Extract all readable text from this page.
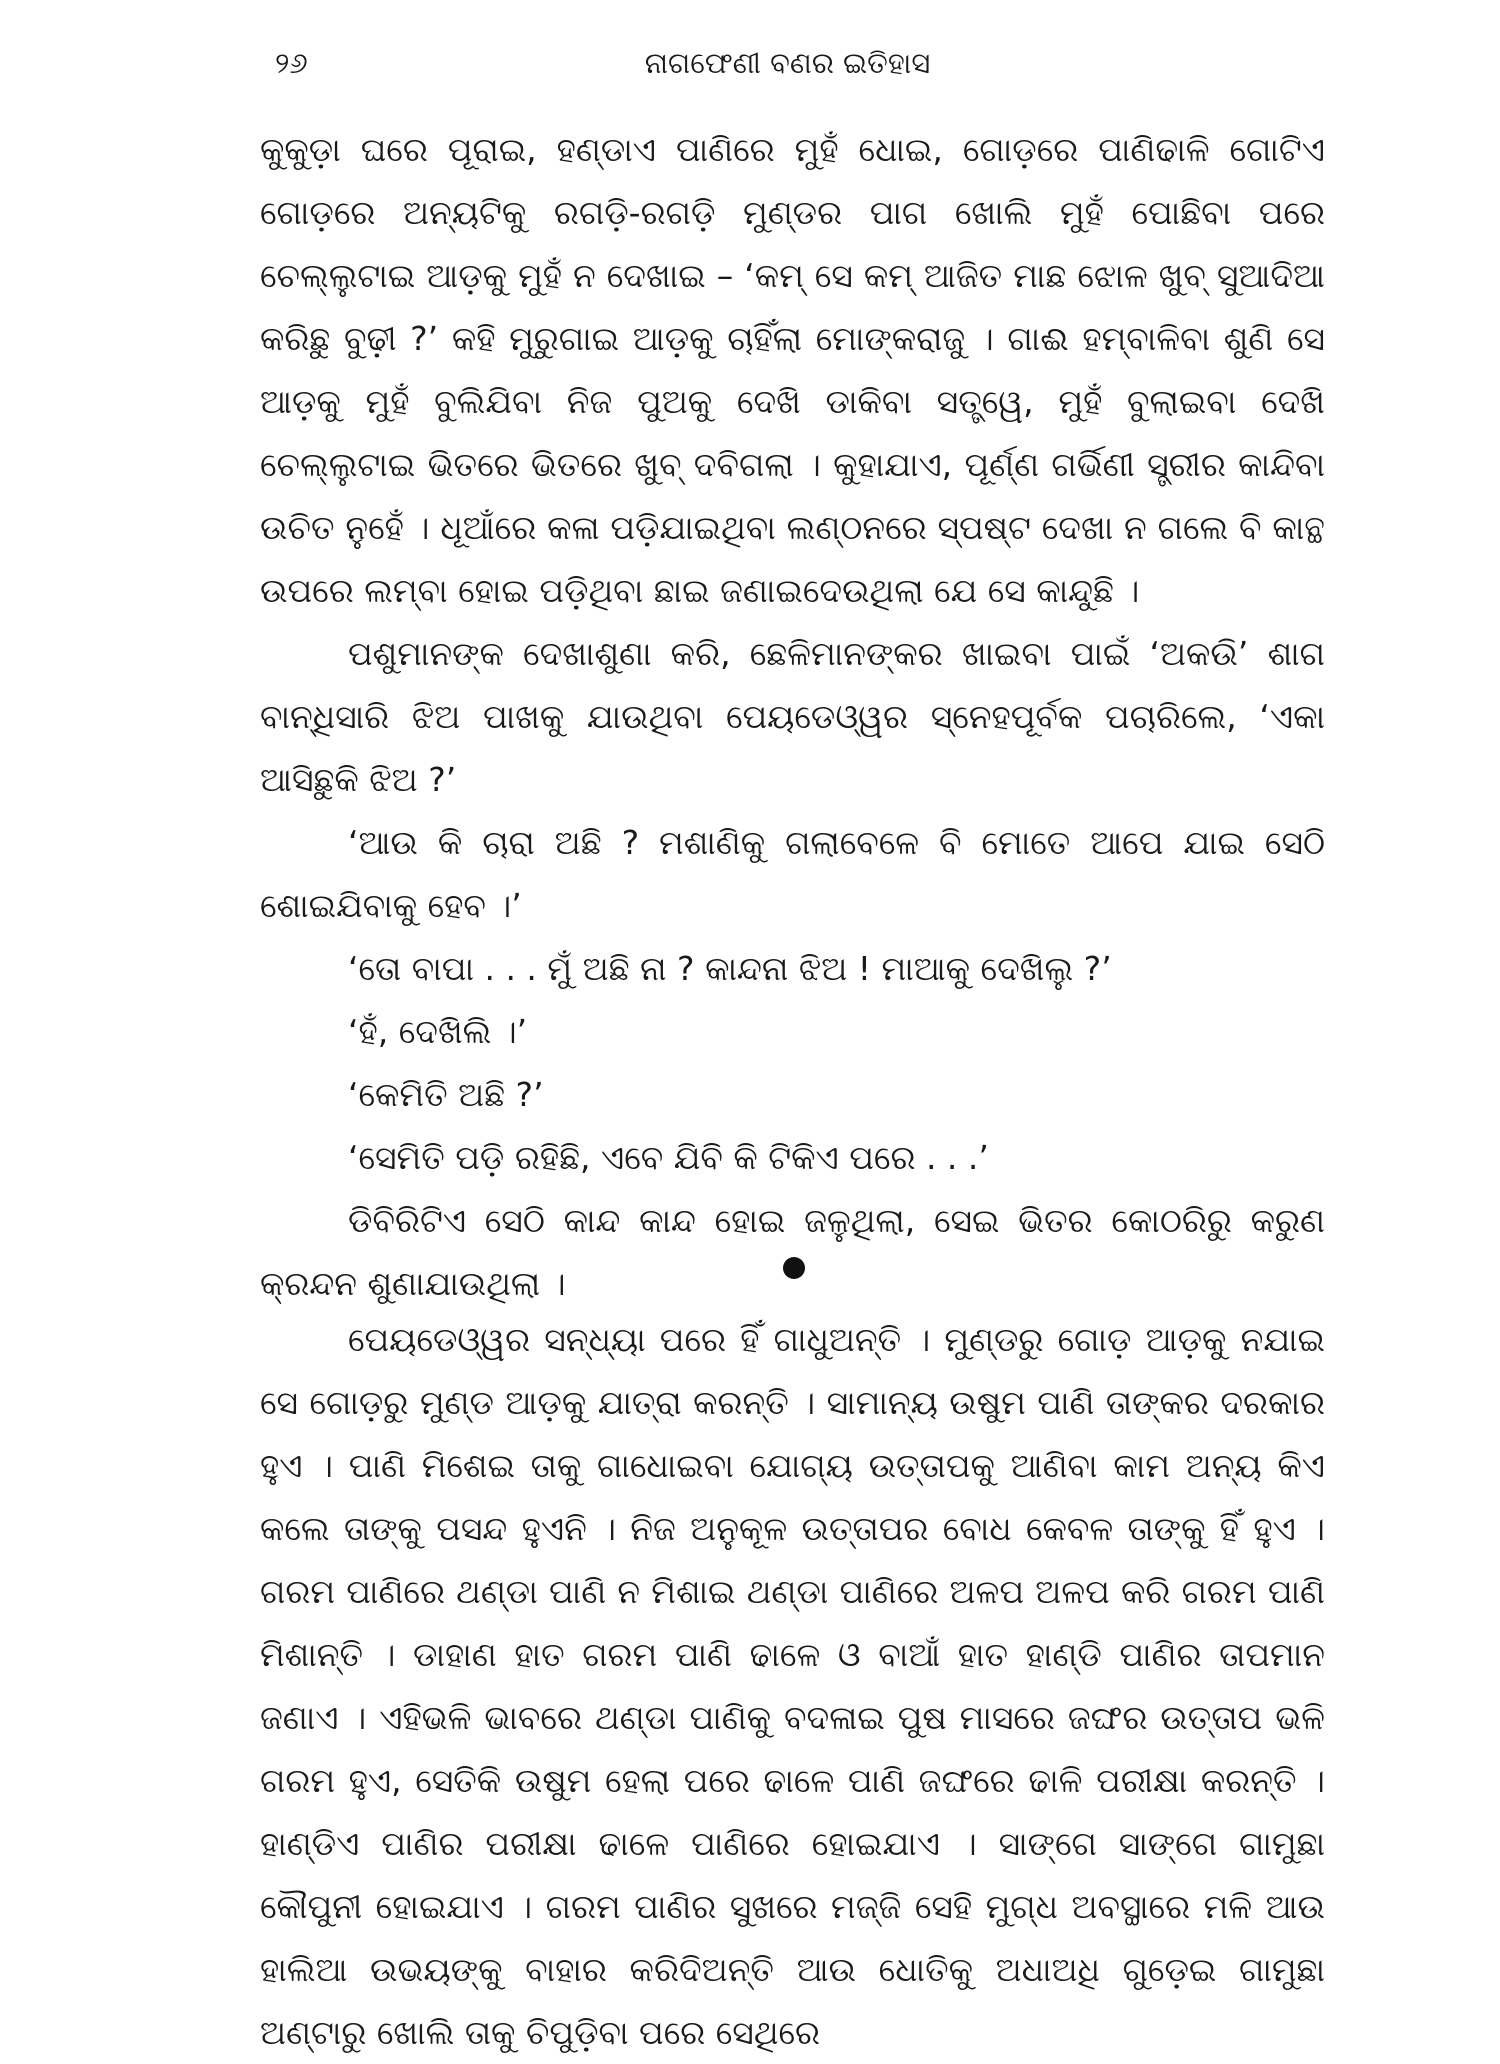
୨୬	ନାଗଫେଣୀ ବଣର ଇତିହାସ

କୁକୁଡ଼ା ଘରେ ପୂରାଇ, ହଣ୍ଡାଏ ପାଣିରେ ମୁହଁ ଧୋଇ, ଗୋଡ଼ରେ ପାଣିଢାଳି ଗୋଟିଏ ଗୋଡ଼ରେ ଅନ୍ୟଟିକୁ ରଗଡ଼ି-ରଗଡ଼ି ମୁଣ୍ଡର ପାଗ ଖୋଲି ମୁହଁ ପୋଛିବା ପରେ ଚେଲ୍ଲୁଟାଇ ଆଡ଼କୁ ମୁହଁ ନ ଦେଖାଇ – ‘କମ୍ ସେ କମ୍ ଆଜିତ ମାଛ ଝୋଳ ଖୁବ୍ ସୁଆଦିଆ କରିଛୁ ବୁଢ଼ୀ ?’ କହି ମୁରୁଗାଇ ଆଡ଼କୁ ଚାହିଁଲା ମୋଙ୍କରାଜୁ । ଗାଈ ହମ୍ବାଳିବା ଶୁଣି ସେ ଆଡ଼କୁ ମୁହଁ ବୁଲିଯିବା ନିଜ ପୁଅକୁ ଦେଖି ଡାକିବା ସତ୍ତ୍ୱେ, ମୁହଁ ବୁଲାଇବା ଦେଖି ଚେଲ୍ଲୁଟାଇ ଭିତରେ ଭିତରେ ଖୁବ୍ ଦବିଗଲା । କୁହାଯାଏ, ପୂର୍ଣ୍ଣ ଗର୍ଭିଣୀ ସ୍ତ୍ରୀର କାନ୍ଦିବା ଉଚିତ ନୁହେଁ । ଧୂଆଁରେ କଳା ପଡ଼ିଯାଇଥିବା ଲଣ୍ଠନରେ ସ୍ପଷ୍ଟ ଦେଖା ନ ଗଲେ ବି କାନ୍ଥ ଉପରେ ଲମ୍ବା ହୋଇ ପଡ଼ିଥିବା ଛାଇ ଜଣାଇଦେଉଥିଲା ଯେ ସେ କାନ୍ଦୁଛି ।

ପଶୁମାନଙ୍କ ଦେଖାଶୁଣା କରି, ଛେଳିମାନଙ୍କର ଖାଇବା ପାଇଁ ‘ଅକଉି’ ଶାଗ ବାନ୍ଧିସାରି ଝିଅ ପାଖକୁ ଯାଉଥିବା ପେୟଡେଓ୍ୱର ସ୍ନେହପୂର୍ବକ ପଚାରିଲେ, ‘ଏକା ଆସିଛୁକି ଝିଅ ?’

‘ଆଉ କି ଚାରା ଅଛି ? ମଶାଣିକୁ ଗଲାବେଳେ ବି ମୋତେ ଆପେ ଯାଇ ସେଠି ଶୋଇଯିବାକୁ ହେବ ।’

‘ତୋ ବାପା . . . ମୁଁ ଅଛି ନା ? କାନ୍ଦନା ଝିଅ ! ମାଆକୁ ଦେଖିଲୁ ?’

‘ହଁ, ଦେଖିଲି ।’

‘କେମିତି ଅଛି ?’

‘ସେମିତି ପଡ଼ି ରହିଛି, ଏବେ ଯିବି କି ଟିକିଏ ପରେ . . .’

ଡିବିରିଟିଏ ସେଠି କାନ୍ଦ କାନ୍ଦ ହୋଇ ଜଳୁଥିଲା, ସେଇ ଭିତର କୋଠରିରୁ କରୁଣ କ୍ରନ୍ଦନ ଶୁଣାଯାଉଥିଲା ।

ପେୟଡେଓ୍ୱର ସନ୍ଧ୍ୟା ପରେ ହିଁ ଗାଧୁଅନ୍ତି । ମୁଣ୍ଡରୁ ଗୋଡ଼ ଆଡ଼କୁ ନଯାଇ ସେ ଗୋଡ଼ରୁ ମୁଣ୍ଡ ଆଡ଼କୁ ଯାତ୍ରା କରନ୍ତି । ସାମାନ୍ୟ ଉଷୁମ ପାଣି ତାଙ୍କର ଦରକାର ହୁଏ । ପାଣି ମିଶେଇ ତାକୁ ଗାଧୋଇବା ଯୋଗ୍ୟ ଉତ୍ତାପକୁ ଆଣିବା କାମ ଅନ୍ୟ କିଏ କଲେ ତାଙ୍କୁ ପସନ୍ଦ ହୁଏନି । ନିଜ ଅନୁକୂଳ ଉତ୍ତାପର ବୋଧ କେବଳ ତାଙ୍କୁ ହିଁ ହୁଏ । ଗରମ ପାଣିରେ ଥଣ୍ଡା ପାଣି ନ ମିଶାଇ ଥଣ୍ଡା ପାଣିରେ ଅଳପ ଅଳପ କରି ଗରମ ପାଣି ମିଶାନ୍ତି । ଡାହାଣ ହାତ ଗରମ ପାଣି ଢାଳେ ଓ ବାଆଁ ହାତ ହାଣ୍ଡି ପାଣିର ତାପମାନ ଜଣାଏ । ଏହିଭଳି ଭାବରେ ଥଣ୍ଡା ପାଣିକୁ ବଦଳାଇ ପୁଷ ମାସରେ ଜଙ୍ଘର ଉତ୍ତାପ ଭଳି ଗରମ ହୁଏ, ସେତିକି ଉଷୁମ ହେଲା ପରେ ଢାଳେ ପାଣି ଜଙ୍ଘରେ ଢାଳି ପରୀକ୍ଷା କରନ୍ତି । ହାଣ୍ଡିଏ ପାଣିର ପରୀକ୍ଷା ଢାଳେ ପାଣିରେ ହୋଇଯାଏ । ସାଙ୍ଗେ ସାଙ୍ଗେ ଗାମୁଛା କୌପୁନୀ ହୋଇଯାଏ । ଗରମ ପାଣିର ସୁଖରେ ମଜ୍ଜି ସେହି ମୁଗ୍ଧ ଅବସ୍ଥାରେ ମଳି ଆଉ ହାଲିଆ ଉଭୟଙ୍କୁ ବାହାର କରିଦିଅନ୍ତି ଆଉ ଧୋତିକୁ ଅଧାଅଧି ଗୁଡ଼େଇ ଗାମୁଛା ଅଣ୍ଟାରୁ ଖୋଲି ତାକୁ ଚିପୁଡ଼ିବା ପରେ ସେଥିରେ
